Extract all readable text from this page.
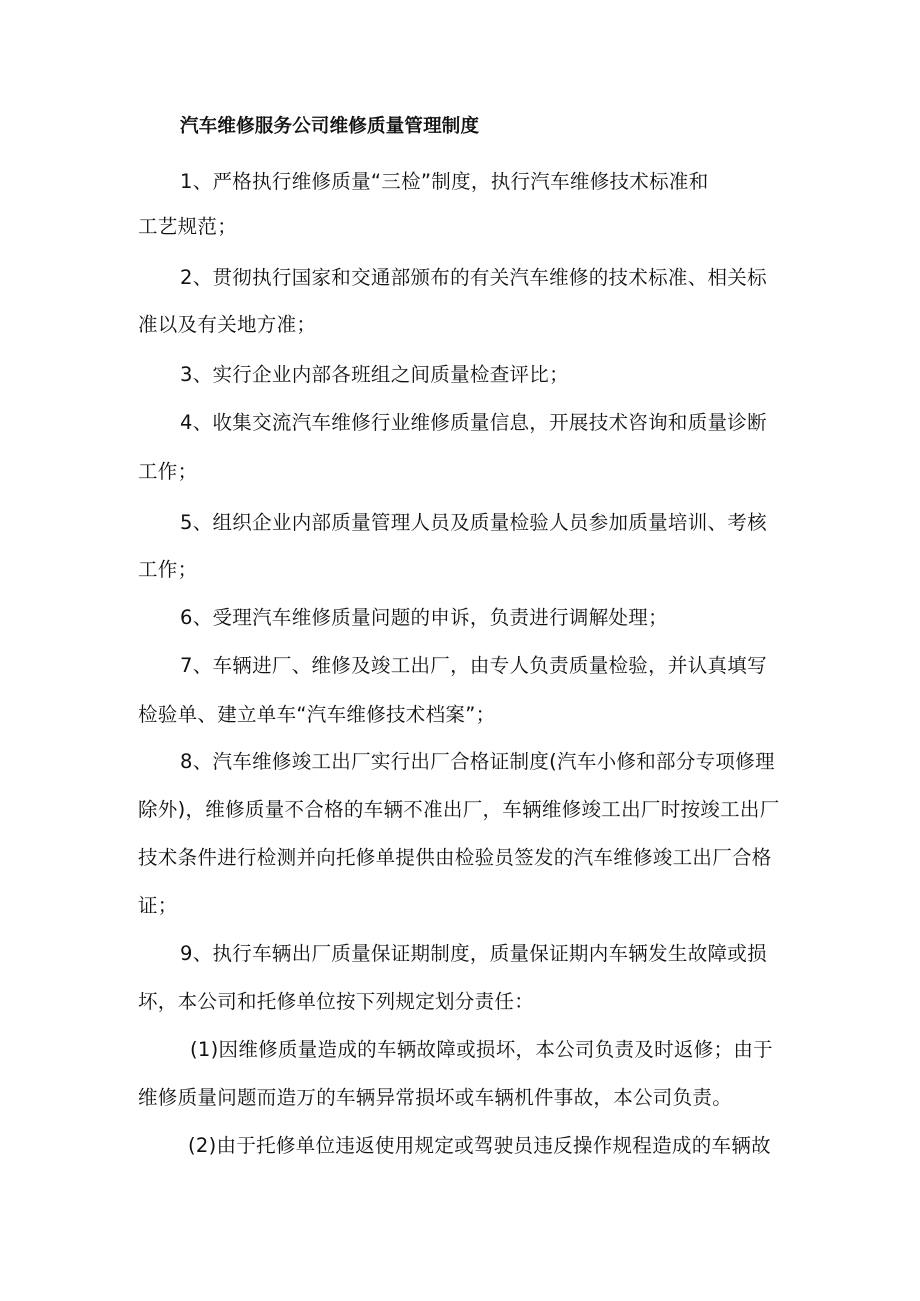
汽车维修服务公司维修质量管理制度
1、严格执行维修质量“三检”制度，执行汽车维修技术标准和
工艺规范；
2、贯彻执行国家和交通部颁布的有关汽车维修的技术标准、相关标
准以及有关地方准；
3、实行企业内部各班组之间质量检查评比；
4、收集交流汽车维修行业维修质量信息，开展技术咨询和质量诊断
工作；
5、组织企业内部质量管理人员及质量检验人员参加质量培训、考核
工作；
6、受理汽车维修质量问题的申诉，负责进行调解处理；
7、车辆进厂、维修及竣工出厂，由专人负责质量检验，并认真填写
检验单、建立单车“汽车维修技术档案”；
8、汽车维修竣工出厂实行出厂合格证制度(汽车小修和部分专项修理
除外)，维修质量不合格的车辆不准出厂，车辆维修竣工出厂时按竣工出厂
技术条件进行检测并向托修单提供由检验员签发的汽车维修竣工出厂合格
证；
9、执行车辆出厂质量保证期制度，质量保证期内车辆发生故障或损
坏，本公司和托修单位按下列规定划分责任：
(1)因维修质量造成的车辆故障或损坏，本公司负责及时返修；由于
维修质量问题而造万的车辆异常损坏或车辆机件事故，本公司负责。
(2)由于托修单位违返使用规定或驾驶员违反操作规程造成的车辆故
